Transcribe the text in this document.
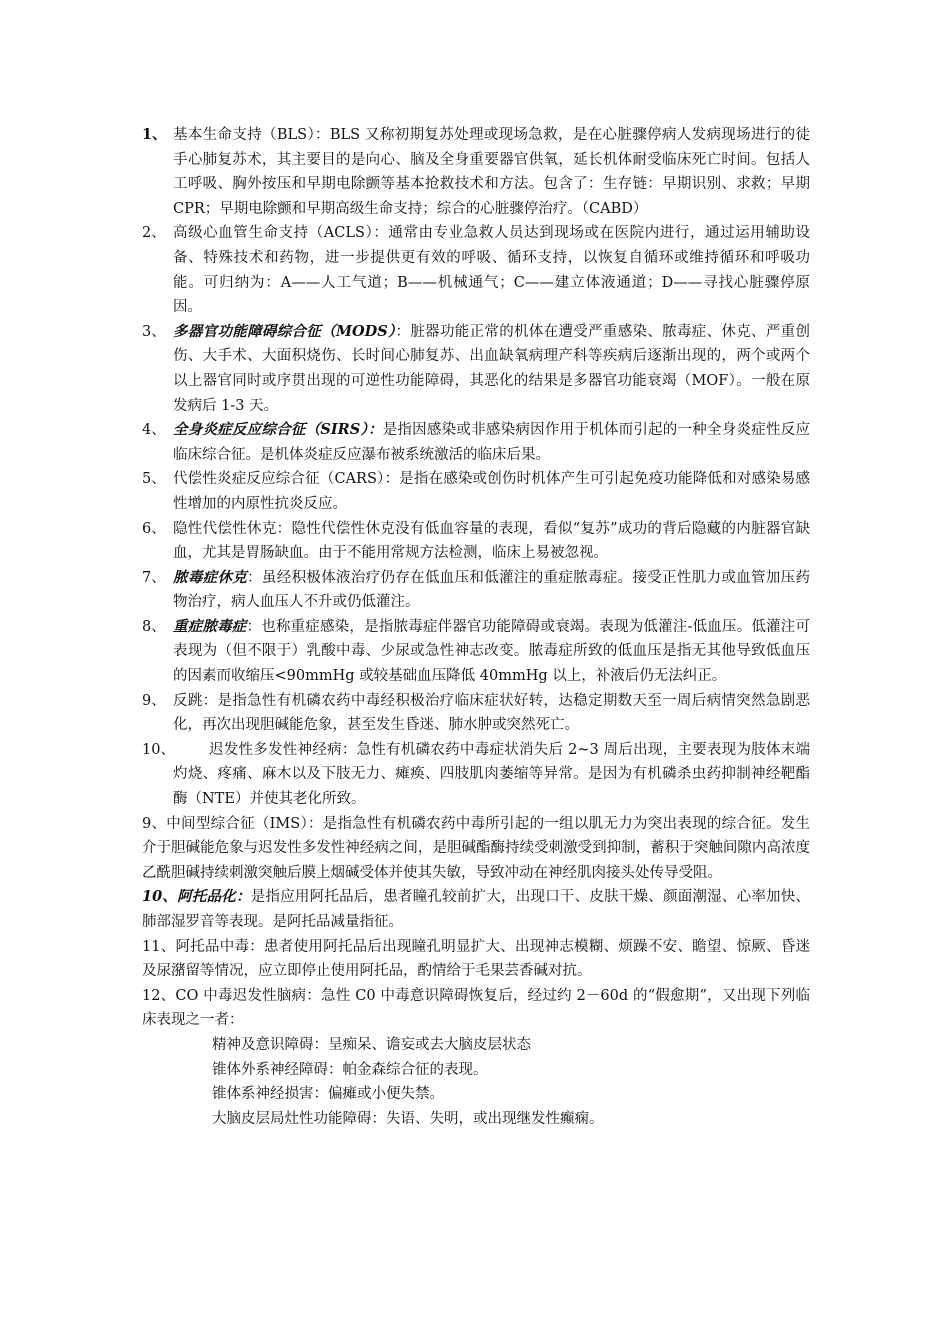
1、 基本生命支持（BLS）：BLS 又称初期复苏处理或现场急救，是在心脏骤停病人发病现场进行的徒手心肺复苏术，其主要目的是向心、脑及全身重要器官供氧，延长机体耐受临床死亡时间。包括人工呼吸、胸外按压和早期电除颤等基本抢救技术和方法。包含了：生存链：早期识别、求救；早期 CPR；早期电除颤和早期高级生命支持；综合的心脏骤停治疗。（CABD）

2、 高级心血管生命支持（ACLS）：通常由专业急救人员达到现场或在医院内进行，通过运用辅助设备、特殊技术和药物，进一步提供更有效的呼吸、循环支持，以恢复自循环或维持循环和呼吸功能。可归纳为：A——人工气道；B——机械通气；C——建立体液通道；D——寻找心脏骤停原因。

3、 多器官功能障碍综合征（MODS）：脏器功能正常的机体在遭受严重感染、脓毒症、休克、严重创伤、大手术、大面积烧伤、长时间心肺复苏、出血缺氧病理产科等疾病后逐渐出现的，两个或两个以上器官同时或序贯出现的可逆性功能障碍，其恶化的结果是多器官功能衰竭（MOF）。一般在原发病后 1-3 天。

4、 全身炎症反应综合征（SIRS）：是指因感染或非感染病因作用于机体而引起的一种全身炎症性反应临床综合征。是机体炎症反应瀑布被系统激活的临床后果。

5、 代偿性炎症反应综合征（CARS）：是指在感染或创伤时机体产生可引起免疫功能降低和对感染易感性增加的内原性抗炎反应。

6、 隐性代偿性休克：隐性代偿性休克没有低血容量的表现，看似“复苏”成功的背后隐藏的内脏器官缺血，尤其是胃肠缺血。由于不能用常规方法检测，临床上易被忽视。

7、 脓毒症休克：虽经积极体液治疗仍存在低血压和低灌注的重症脓毒症。接受正性肌力或血管加压药物治疗，病人血压人不升或仍低灌注。

8、 重症脓毒症：也称重症感染，是指脓毒症伴器官功能障碍或衰竭。表现为低灌注-低血压。低灌注可表现为（但不限于）乳酸中毒、少尿或急性神志改变。脓毒症所致的低血压是指无其他导致低血压的因素而收缩压<90mmHg 或较基础血压降低 40mmHg 以上，补液后仍无法纠正。

9、 反跳：是指急性有机磷农药中毒经积极治疗临床症状好转，达稳定期数天至一周后病情突然急剧恶化，再次出现胆碱能危象，甚至发生昏迷、肺水肿或突然死亡。

10、 迟发性多发性神经病：急性有机磷农药中毒症状消失后 2~3 周后出现，主要表现为肢体末端灼烧、疼痛、麻木以及下肢无力、瘫痪、四肢肌肉萎缩等异常。是因为有机磷杀虫药抑制神经靶酯酶（NTE）并使其老化所致。

9、中间型综合征（IMS）：是指急性有机磷农药中毒所引起的一组以肌无力为突出表现的综合征。发生介于胆碱能危象与迟发性多发性神经病之间，是胆碱酯酶持续受刺激受到抑制，蓄积于突触间隙内高浓度乙酰胆碱持续刺激突触后膜上烟碱受体并使其失敏，导致冲动在神经肌肉接头处传导受阻。

10、阿托品化：是指应用阿托品后，患者瞳孔较前扩大，出现口干、皮肤干燥、颜面潮湿、心率加快、肺部湿罗音等表现。是阿托品减量指征。

11、阿托品中毒：患者使用阿托品后出现瞳孔明显扩大、出现神志模糊、烦躁不安、瞻望、惊厥、昏迷及尿潴留等情况，应立即停止使用阿托品，酌情给于毛果芸香碱对抗。

12、CO 中毒迟发性脑病：急性 C0 中毒意识障碍恢复后，经过约 2－60d 的“假愈期”，又出现下列临床表现之一者：

精神及意识障碍：呈痴呆、谵妄或去大脑皮层状态

锥体外系神经障碍：帕金森综合征的表现。

锥体系神经损害：偏瘫或小便失禁。

大脑皮层局灶性功能障碍：失语、失明，或出现继发性癫痫。
